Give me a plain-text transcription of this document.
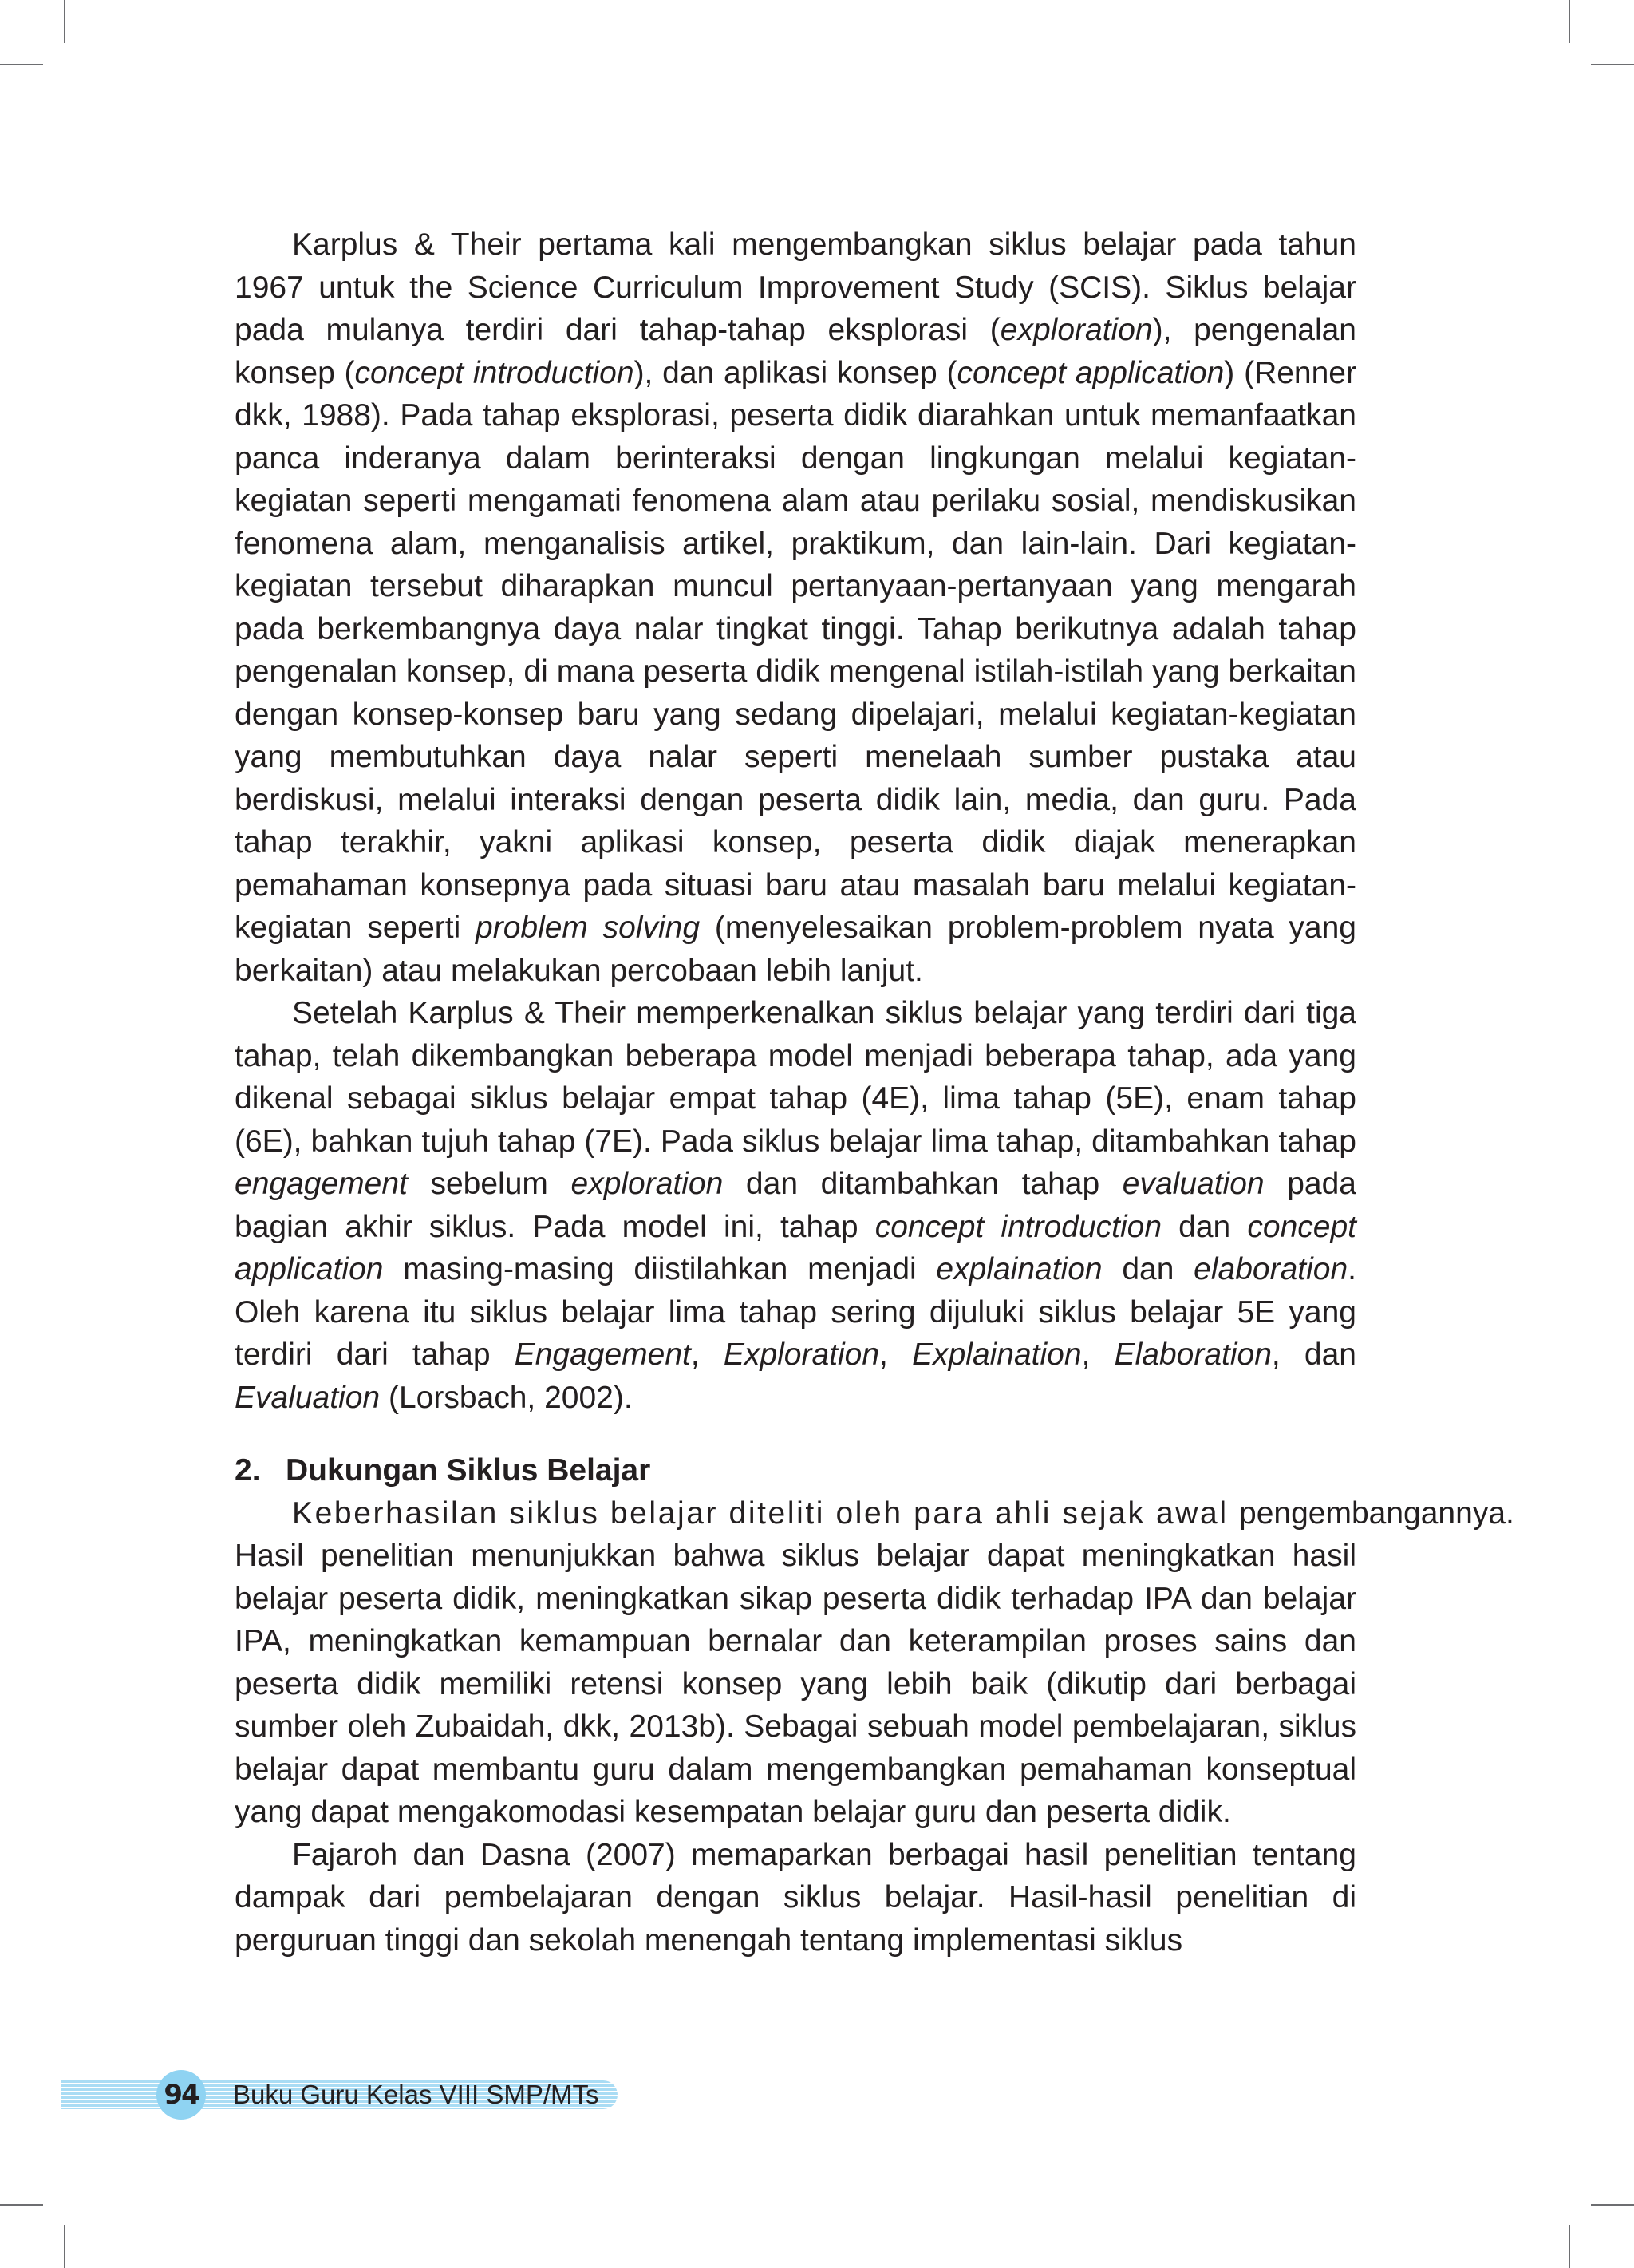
Karplus & Their pertama kali mengembangkan siklus belajar pada tahun 1967 untuk the Science Curriculum Improvement Study (SCIS). Siklus belajar pada mulanya terdiri dari tahap-tahap eksplorasi (exploration), pengenalan konsep (concept introduction), dan aplikasi konsep (concept application) (Renner dkk, 1988). Pada tahap eksplorasi, peserta didik diarahkan untuk memanfaatkan panca inderanya dalam berinteraksi dengan lingkungan melalui kegiatan-kegiatan seperti mengamati fenomena alam atau perilaku sosial, mendiskusikan fenomena alam, menganalisis artikel, praktikum, dan lain-lain. Dari kegiatan-kegiatan tersebut diharapkan muncul pertanyaan-pertanyaan yang mengarah pada berkembangnya daya nalar tingkat tinggi. Tahap berikutnya adalah tahap pengenalan konsep, di mana peserta didik mengenal istilah-istilah yang berkaitan dengan konsep-konsep baru yang sedang dipelajari, melalui kegiatan-kegiatan yang membutuhkan daya nalar seperti menelaah sumber pustaka atau berdiskusi, melalui interaksi dengan peserta didik lain, media, dan guru. Pada tahap terakhir, yakni aplikasi konsep, peserta didik diajak menerapkan pemahaman konsepnya pada situasi baru atau masalah baru melalui kegiatan-kegiatan seperti problem solving (menyelesaikan problem-problem nyata yang berkaitan) atau melakukan percobaan lebih lanjut.

Setelah Karplus & Their memperkenalkan siklus belajar yang terdiri dari tiga tahap, telah dikembangkan beberapa model menjadi beberapa tahap, ada yang dikenal sebagai siklus belajar empat tahap (4E), lima tahap (5E), enam tahap (6E), bahkan tujuh tahap (7E). Pada siklus belajar lima tahap, ditambahkan tahap engagement sebelum exploration dan ditambahkan tahap evaluation pada bagian akhir siklus. Pada model ini, tahap concept introduction dan concept application masing-masing diistilahkan menjadi explaination dan elaboration. Oleh karena itu siklus belajar lima tahap sering dijuluki siklus belajar 5E yang terdiri dari tahap Engagement, Exploration, Explaination, Elaboration, dan Evaluation (Lorsbach, 2002).

2. Dukungan Siklus Belajar

Keberhasilan siklus belajar diteliti oleh para ahli sejak awal pengembangannya. Hasil penelitian menunjukkan bahwa siklus belajar dapat meningkatkan hasil belajar peserta didik, meningkatkan sikap peserta didik terhadap IPA dan belajar IPA, meningkatkan kemampuan bernalar dan keterampilan proses sains dan peserta didik memiliki retensi konsep yang lebih baik (dikutip dari berbagai sumber oleh Zubaidah, dkk, 2013b). Sebagai sebuah model pembelajaran, siklus belajar dapat membantu guru dalam mengembangkan pemahaman konseptual yang dapat mengakomodasi kesempatan belajar guru dan peserta didik.

Fajaroh dan Dasna (2007) memaparkan berbagai hasil penelitian tentang dampak dari pembelajaran dengan siklus belajar. Hasil-hasil penelitian di perguruan tinggi dan sekolah menengah tentang implementasi siklus

94 Buku Guru Kelas VIII SMP/MTs
